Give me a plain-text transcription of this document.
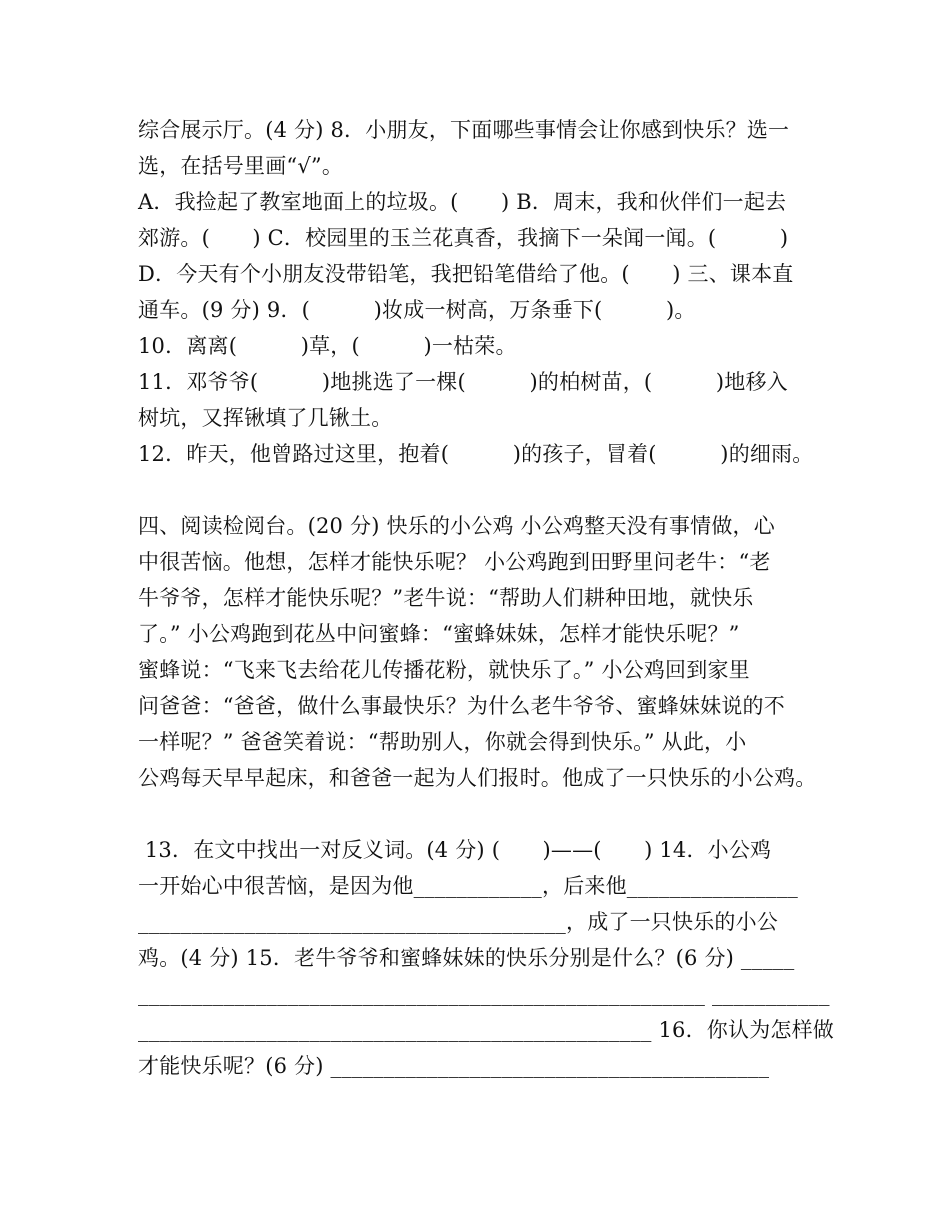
综合展示厅。(4 分) 8．小朋友，下面哪些事情会让你感到快乐？选一
选，在括号里画“√”。
A．我捡起了教室地面上的垃圾。(　　) B．周末，我和伙伴们一起去
郊游。(　　) C．校园里的玉兰花真香，我摘下一朵闻一闻。(　　　)
D．今天有个小朋友没带铅笔，我把铅笔借给了他。(　　) 三、课本直
通车。(9 分) 9．(　　　)妆成一树高，万条垂下(　　　)。
10．离离(　　　)草，(　　　)一枯荣。
11．邓爷爷(　　　)地挑选了一棵(　　　)的柏树苗，(　　　)地移入
树坑，又挥锹填了几锹土。
12．昨天，他曾路过这里，抱着(　　　)的孩子，冒着(　　　)的细雨。
四、阅读检阅台。(20 分) 快乐的小公鸡 小公鸡整天没有事情做，心
中很苦恼。他想，怎样才能快乐呢？ 小公鸡跑到田野里问老牛：“老
牛爷爷，怎样才能快乐呢？”老牛说：“帮助人们耕种田地，就快乐
了。” 小公鸡跑到花丛中问蜜蜂：“蜜蜂妹妹，怎样才能快乐呢？”
蜜蜂说：“飞来飞去给花儿传播花粉，就快乐了。” 小公鸡回到家里
问爸爸：“爸爸，做什么事最快乐？为什么老牛爷爷、蜜蜂妹妹说的不
一样呢？” 爸爸笑着说：“帮助别人，你就会得到快乐。” 从此，小
公鸡每天早早起床，和爸爸一起为人们报时。他成了一只快乐的小公鸡。
13．在文中找出一对反义词。(4 分) (　　)——(　　) 14．小公鸡
一开始心中很苦恼，是因为他____________，后来他________________
________________________________________，成了一只快乐的小公
鸡。(4 分) 15．老牛爷爷和蜜蜂妹妹的快乐分别是什么？(6 分) _____
_____________________________________________________ ___________
________________________________________________ 16．你认为怎样做
才能快乐呢？(6 分) _________________________________________
